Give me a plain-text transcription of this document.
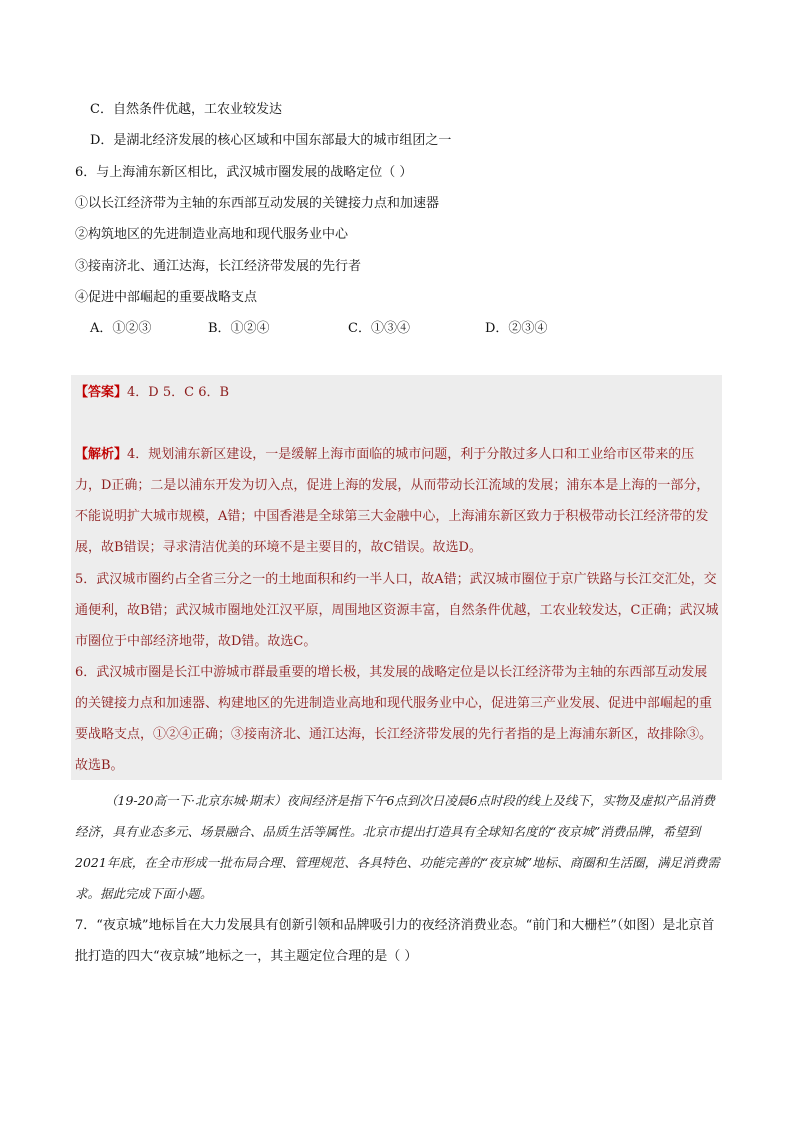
C．自然条件优越，工农业较发达
D．是湖北经济发展的核心区域和中国东部最大的城市组团之一
6．与上海浦东新区相比，武汉城市圈发展的战略定位（ ）
①以长江经济带为主轴的东西部互动发展的关键接力点和加速器
②构筑地区的先进制造业高地和现代服务业中心
③接南济北、通江达海，长江经济带发展的先行者
④促进中部崛起的重要战略支点
A．①②③	B．①②④	C．①③④	D．②③④
【答案】4．D 5．C 6．B
【解析】4．规划浦东新区建设，一是缓解上海市面临的城市问题，利于分散过多人口和工业给市区带来的压力，D正确；二是以浦东开发为切入点，促进上海的发展，从而带动长江流域的发展；浦东本是上海的一部分，不能说明扩大城市规模，A错；中国香港是全球第三大金融中心，上海浦东新区致力于积极带动长江经济带的发展，故B错误；寻求清洁优美的环境不是主要目的，故C错误。故选D。
5．武汉城市圈约占全省三分之一的土地面积和约一半人口，故A错；武汉城市圈位于京广铁路与长江交汇处，交通便利，故B错；武汉城市圈地处江汉平原，周围地区资源丰富，自然条件优越，工农业较发达，C正确；武汉城市圈位于中部经济地带，故D错。故选C。
6．武汉城市圈是长江中游城市群最重要的增长极，其发展的战略定位是以长江经济带为主轴的东西部互动发展的关键接力点和加速器、构建地区的先进制造业高地和现代服务业中心，促进第三产业发展、促进中部崛起的重要战略支点，①②④正确；③接南济北、通江达海，长江经济带发展的先行者指的是上海浦东新区，故排除③。故选B。
（19-20高一下·北京东城·期末）夜间经济是指下午6点到次日凌晨6点时段的线上及线下，实物及虚拟产品消费经济，具有业态多元、场景融合、品质生活等属性。北京市提出打造具有全球知名度的“夜京城”消费品牌，希望到2021年底，在全市形成一批布局合理、管理规范、各具特色、功能完善的“夜京城”地标、商圈和生活圈，满足消费需求。据此完成下面小题。
7．“夜京城”地标旨在大力发展具有创新引领和品牌吸引力的夜经济消费业态。“前门和大栅栏”（如图）是北京首批打造的四大“夜京城”地标之一，其主题定位合理的是（ ）
